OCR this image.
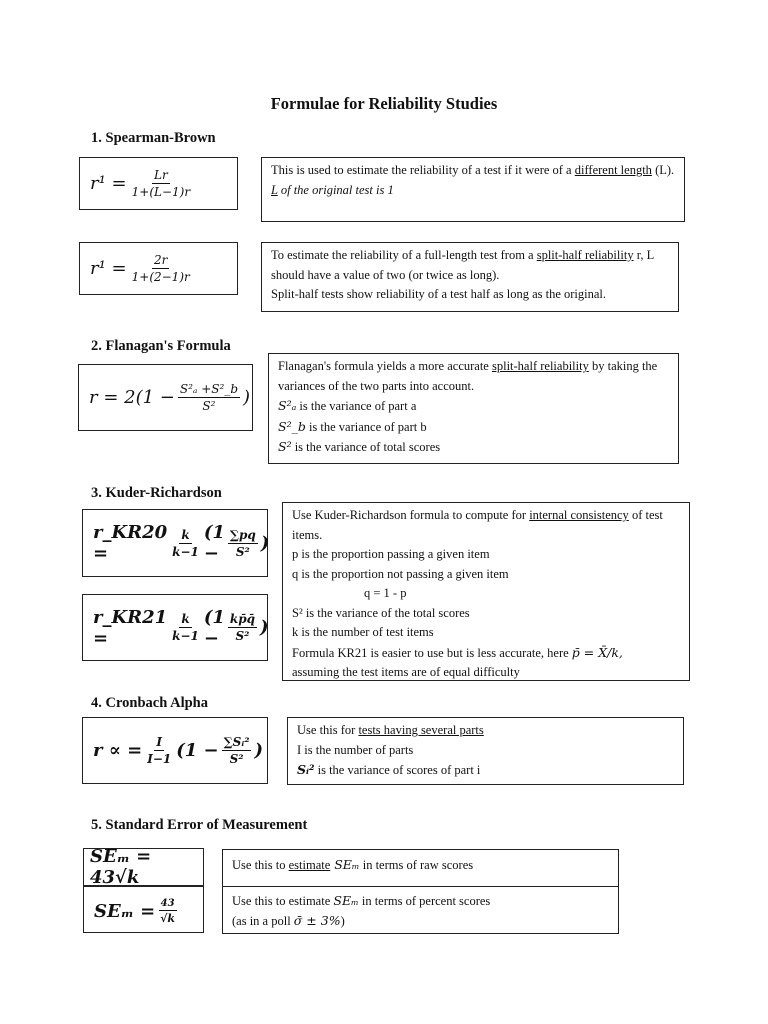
Formulae for Reliability Studies
1. Spearman-Brown
$r^1 = \frac{Lr}{1+(L-1)r}$	This is used to estimate the reliability of a test if it were of a different length (L).
L of the original test is 1
$r^1 = \frac{2r}{1+(2-1)r}$	To estimate the reliability of a full-length test from a split-half reliability r, L should have a value of two (or twice as long).
Split-half tests show reliability of a test half as long as the original.
2. Flanagan's Formula
$r = 2(1 - \frac{\text{S²ₐ +S²\_b}}{\text{S²}}$ )
Flanagan's formula yields a more accurate split-half reliability by taking the variances of the two parts into account.
S²ₐ is the variance of part a
S²_b is the variance of part b
S² is the variance of total scores
3. Kuder-Richardson
r_KR20 =	$\frac{k}{k-1} (1 - \frac{\sum pq}{\text{S²}}$ )
r_KR21 =	$\frac{k}{k-1} (1 - \frac{kp̄q̄}{\text{S²}}$ )
Use Kuder-Richardson formula to compute for internal consistency of test items.
p is the proportion passing a given item
q is the proportion not passing a given item
q = 1 - p
S² is the variance of the total scores
k is the number of test items
Formula KR21 is easier to use but is less accurate, here p̄ = X̄/k,
assuming the test items are of equal difficulty
4. Cronbach Alpha
r ∝ = $\frac{I}{I-1} (1 - \frac{\text{∑Sᵢ²}}{\text{S²}}$ )
Use this for tests having several parts
I is the number of parts
Sᵢ² is the variance of scores of part i
5. Standard Error of Measurement
SEₘ = 43√k
$SE_m = \frac{43}{√k}$
Use this to estimate SEₘ in terms of raw scores
Use this to estimate SEₘ in terms of percent scores
(as in a poll σ̄ ± 3%)
